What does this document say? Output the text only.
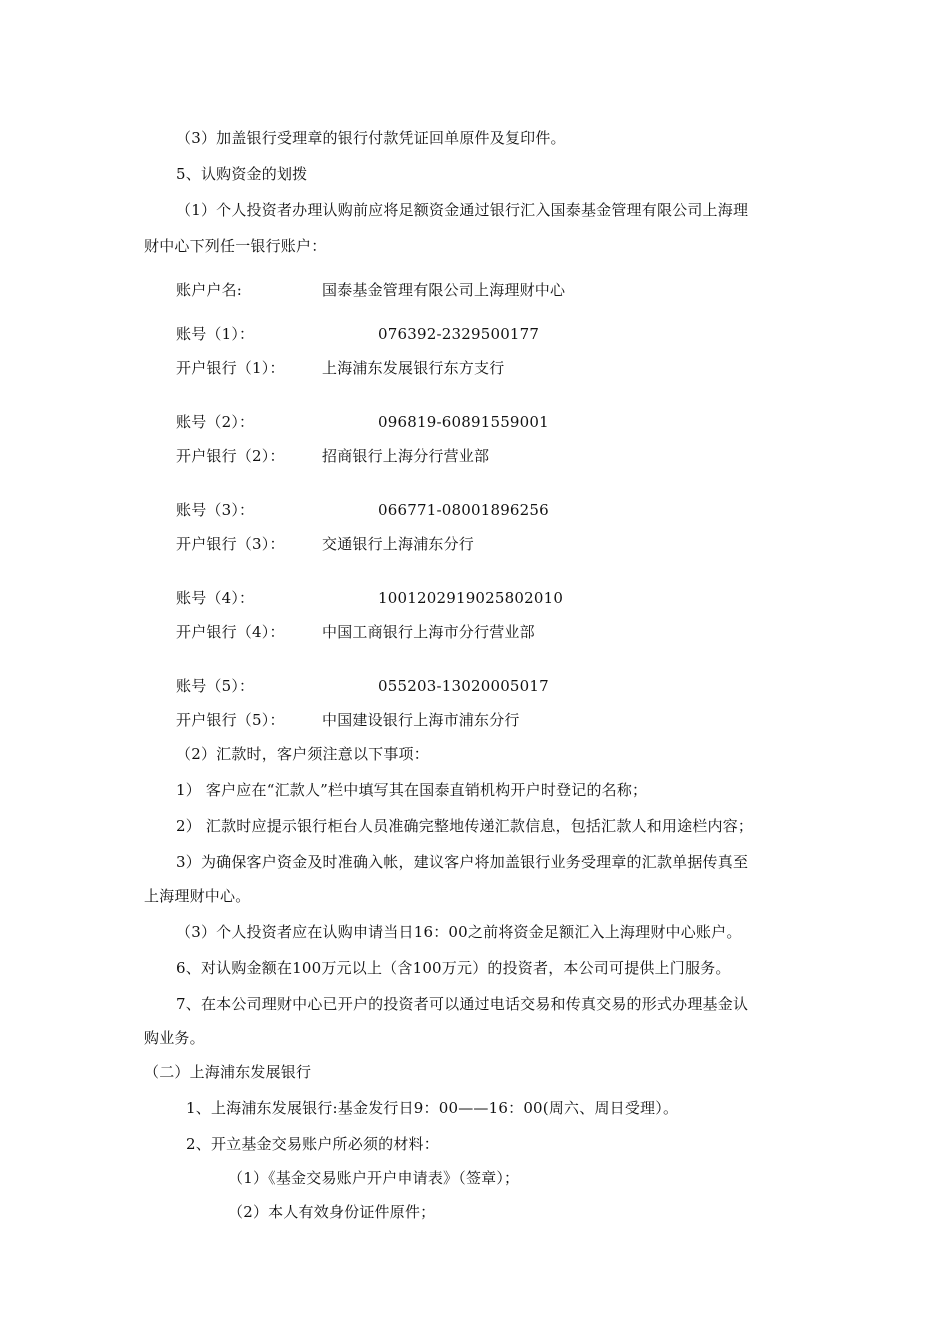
（3）加盖银行受理章的银行付款凭证回单原件及复印件。
5、认购资金的划拨
（1）个人投资者办理认购前应将足额资金通过银行汇入国泰基金管理有限公司上海理
财中心下列任一银行账户：
账户户名:	国泰基金管理有限公司上海理财中心
账号（1）：	076392-2329500177
开户银行（1）： 上海浦东发展银行东方支行
账号（2）：	096819-60891559001
开户银行（2）： 招商银行上海分行营业部
账号（3）：	066771-08001896256
开户银行（3）： 交通银行上海浦东分行
账号（4）：	1001202919025802010
开户银行（4）： 中国工商银行上海市分行营业部
账号（5）：	055203-13020005017
开户银行（5）： 中国建设银行上海市浦东分行
（2）汇款时，客户须注意以下事项：
1） 客户应在“汇款人”栏中填写其在国泰直销机构开户时登记的名称；
2） 汇款时应提示银行柜台人员准确完整地传递汇款信息，包括汇款人和用途栏内容；
3）为确保客户资金及时准确入帐，建议客户将加盖银行业务受理章的汇款单据传真至
上海理财中心。
（3）个人投资者应在认购申请当日16：00之前将资金足额汇入上海理财中心账户。
6、对认购金额在100万元以上（含100万元）的投资者，本公司可提供上门服务。
7、在本公司理财中心已开户的投资者可以通过电话交易和传真交易的形式办理基金认
购业务。
（二）上海浦东发展银行
1、上海浦东发展银行:基金发行日9：00——16：00(周六、周日受理）。
2、开立基金交易账户所必须的材料：
（1）《基金交易账户开户申请表》（签章）；
（2）本人有效身份证件原件；
